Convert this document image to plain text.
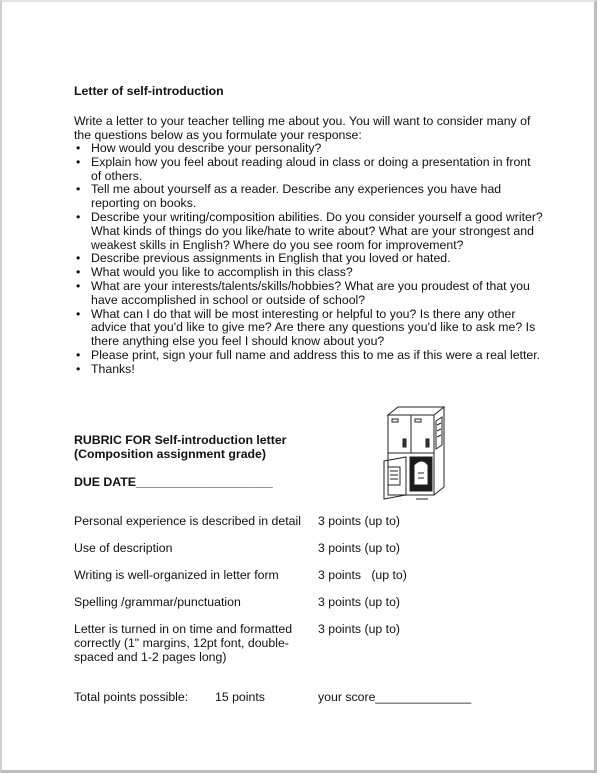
Letter of self-introduction
Write a letter to your teacher telling me about you. You will want to consider many of the questions below as you formulate your response:
• How would you describe your personality?
• Explain how you feel about reading aloud in class or doing a presentation in front of others.
• Tell me about yourself as a reader. Describe any experiences you have had reporting on books.
• Describe your writing/composition abilities. Do you consider yourself a good writer? What kinds of things do you like/hate to write about? What are your strongest and weakest skills in English? Where do you see room for improvement?
• Describe previous assignments in English that you loved or hated.
• What would you like to accomplish in this class?
• What are your interests/talents/skills/hobbies? What are you proudest of that you have accomplished in school or outside of school?
• What can I do that will be most interesting or helpful to you? Is there any other advice that you'd like to give me? Are there any questions you'd like to ask me? Is there anything else you feel I should know about you?
• Please print, sign your full name and address this to me as if this were a real letter.
• Thanks!
RUBRIC FOR Self-introduction letter
(Composition assignment grade)
DUE DATE____________________
Personal experience is described in detail 3 points (up to)
Use of description	3 points (up to)
Writing is well-organized in letter form	3 points   (up to)
Spelling /grammar/punctuation	3 points (up to)
Letter is turned in on time and formatted correctly (1" margins, 12pt font, double-spaced and 1-2 pages long)
3 points (up to)
Total points possible: 15 points	your score______________
